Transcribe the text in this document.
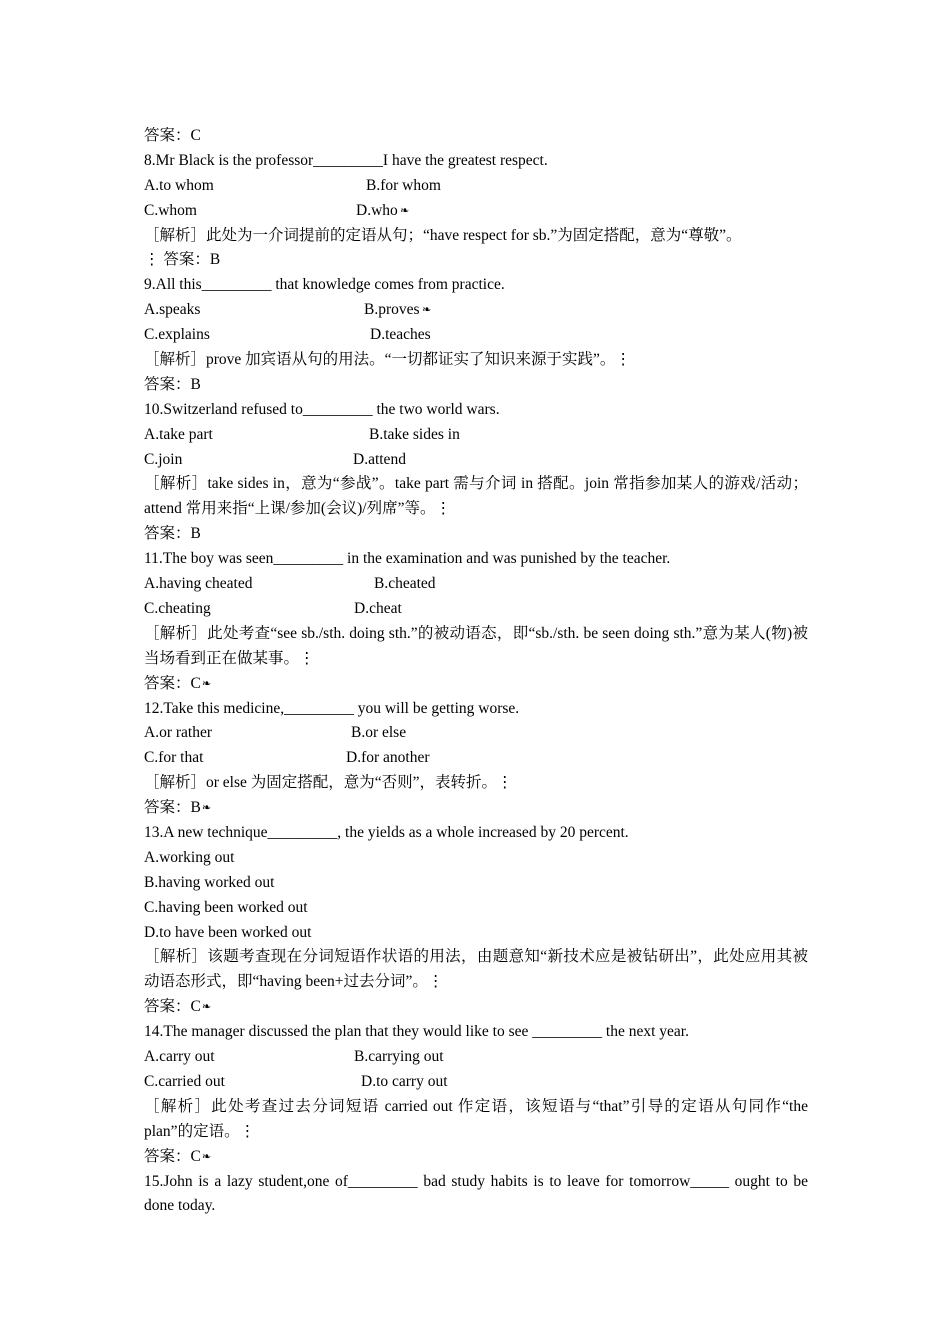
答案：C
8.Mr Black is the professor_________I have the greatest respect.
A.to whom	B.for whom
C.whom	D.who ❧
［解析］此处为一介词提前的定语从句；“have respect for sb.”为固定搭配，意为“尊敬”。
⋮ 答案：B
9.All this_________ that knowledge comes from practice.
A.speaks	B.proves ❧
C.explains	D.teaches
［解析］prove 加宾语从句的用法。“一切都证实了知识来源于实践”。⋮
答案：B
10.Switzerland refused to_________ the two world wars.
A.take part	B.take sides in
C.join	D.attend
［解析］take sides in，意为“参战”。take part 需与介词 in 搭配。join 常指参加某人的游戏/活动；attend 常用来指“上课/参加(会议)/列席”等。⋮
答案：B
11.The boy was seen_________ in the examination and was punished by the teacher.
A.having cheated	B.cheated
C.cheating	D.cheat
［解析］此处考查“see sb./sth. doing sth.”的被动语态，即“sb./sth. be seen doing sth.”意为某人(物)被当场看到正在做某事。⋮
答案：C❧
12.Take this medicine,_________ you will be getting worse.
A.or rather	B.or else
C.for that	D.for another
［解析］or else 为固定搭配，意为“否则”，表转折。⋮
答案：B❧
13.A new technique_________, the yields as a whole increased by 20 percent.
A.working out
B.having worked out
C.having been worked out
D.to have been worked out
［解析］该题考查现在分词短语作状语的用法，由题意知“新技术应是被钻研出”，此处应用其被动语态形式，即“having been+过去分词”。⋮
答案：C❧
14.The manager discussed the plan that they would like to see _________ the next year.
A.carry out	B.carrying out
C.carried out	D.to carry out
［解析］此处考查过去分词短语 carried out 作定语，该短语与“that”引导的定语从句同作“the plan”的定语。⋮
答案：C❧
15.John is a lazy student,one of_________ bad study habits is to leave for tomorrow_____ ought to be done today.
